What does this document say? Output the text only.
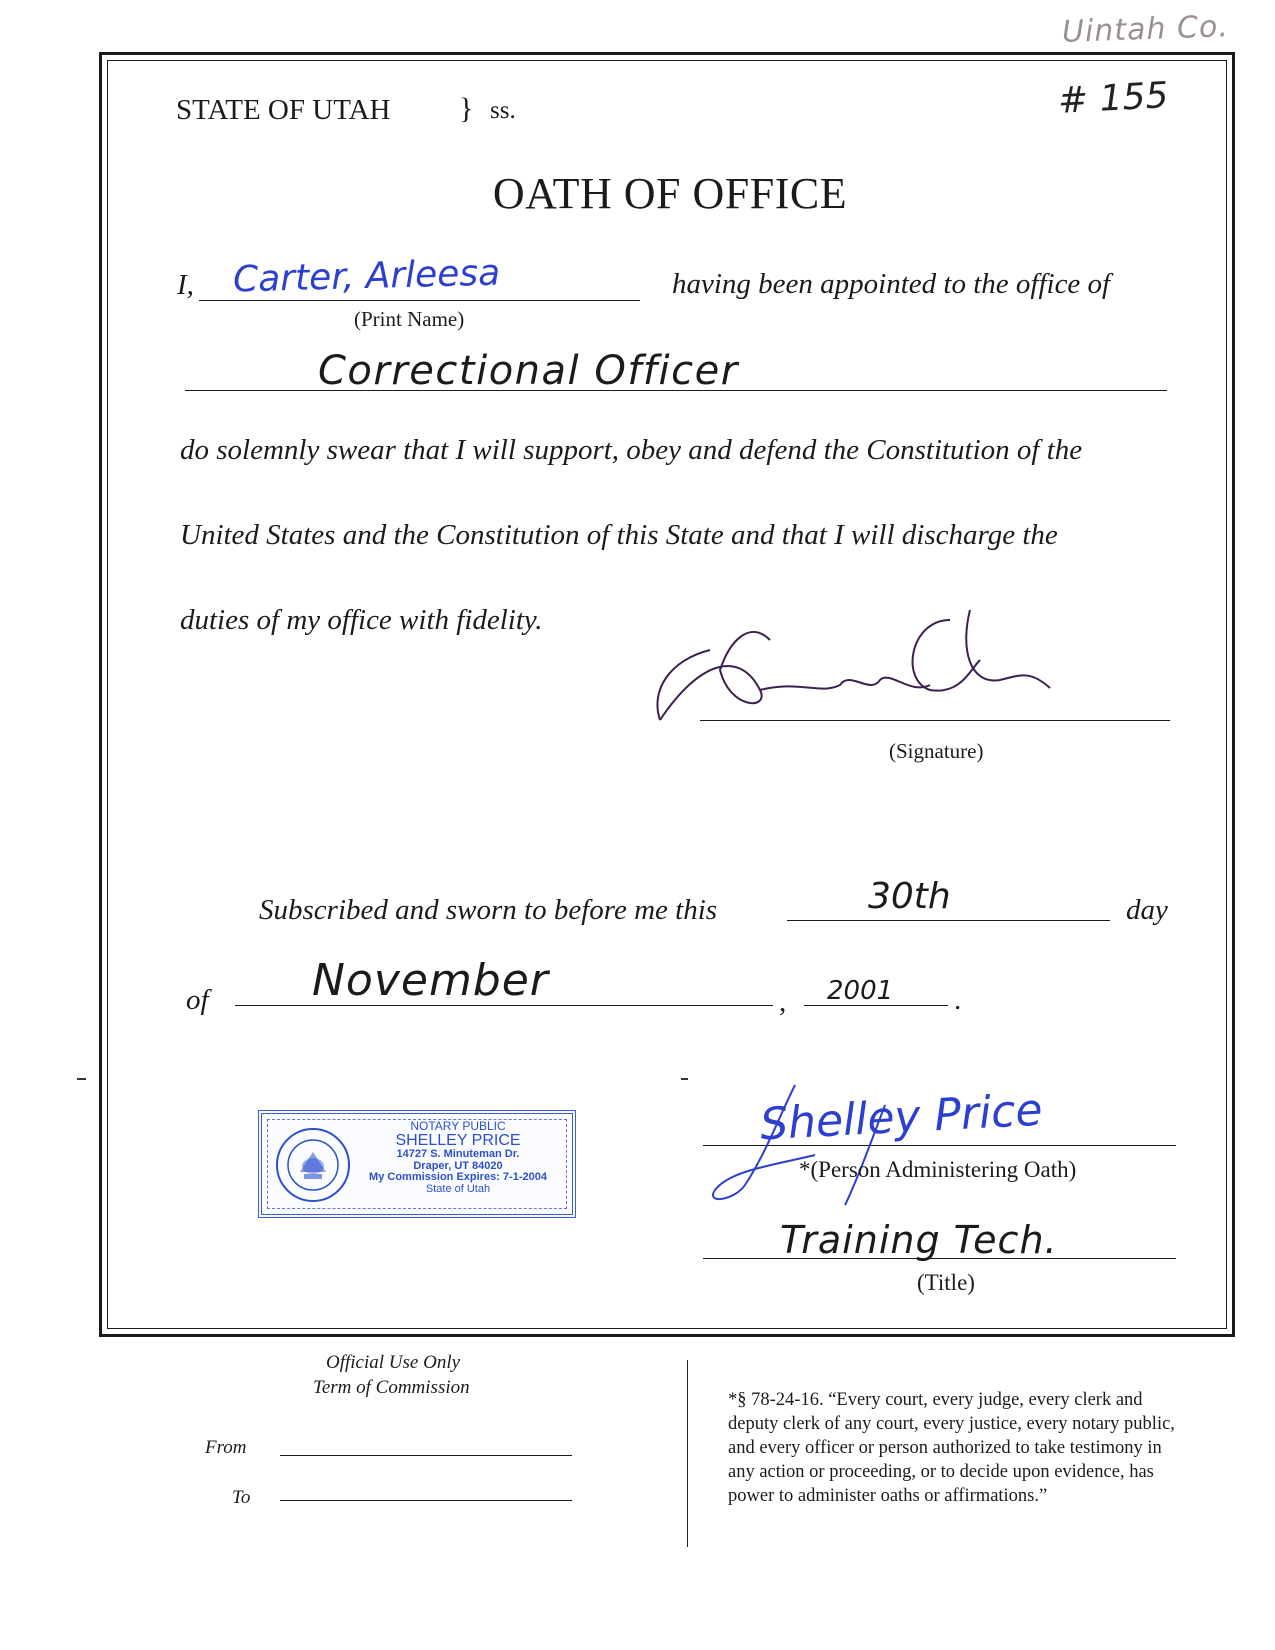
Uintah Co.
# 155
STATE OF UTAH } ss.
OATH OF OFFICE
I, Carter, Arleesa
(Print Name)
having been appointed to the office of
Correctional Officer
do solemnly swear that I will support, obey and defend the Constitution of the
United States and the Constitution of this State and that I will discharge the
duties of my office with fidelity.
(Signature)
Subscribed and sworn to before me this	30th	day
of November	, 2001 .
NOTARY PUBLIC
SHELLEY PRICE
14727 S. Minuteman Dr.
Draper, UT 84020
My Commission Expires: 7-1-2004
State of Utah
Shelley Price
*(Person Administering Oath)
Training Tech.
(Title)
Official Use Only
Term of Commission
From
To
*§ 78-24-16. “Every court, every judge, every clerk and
deputy clerk of any court, every justice, every notary public,
and every officer or person authorized to take testimony in
any action or proceeding, or to decide upon evidence, has
power to administer oaths or affirmations.”
